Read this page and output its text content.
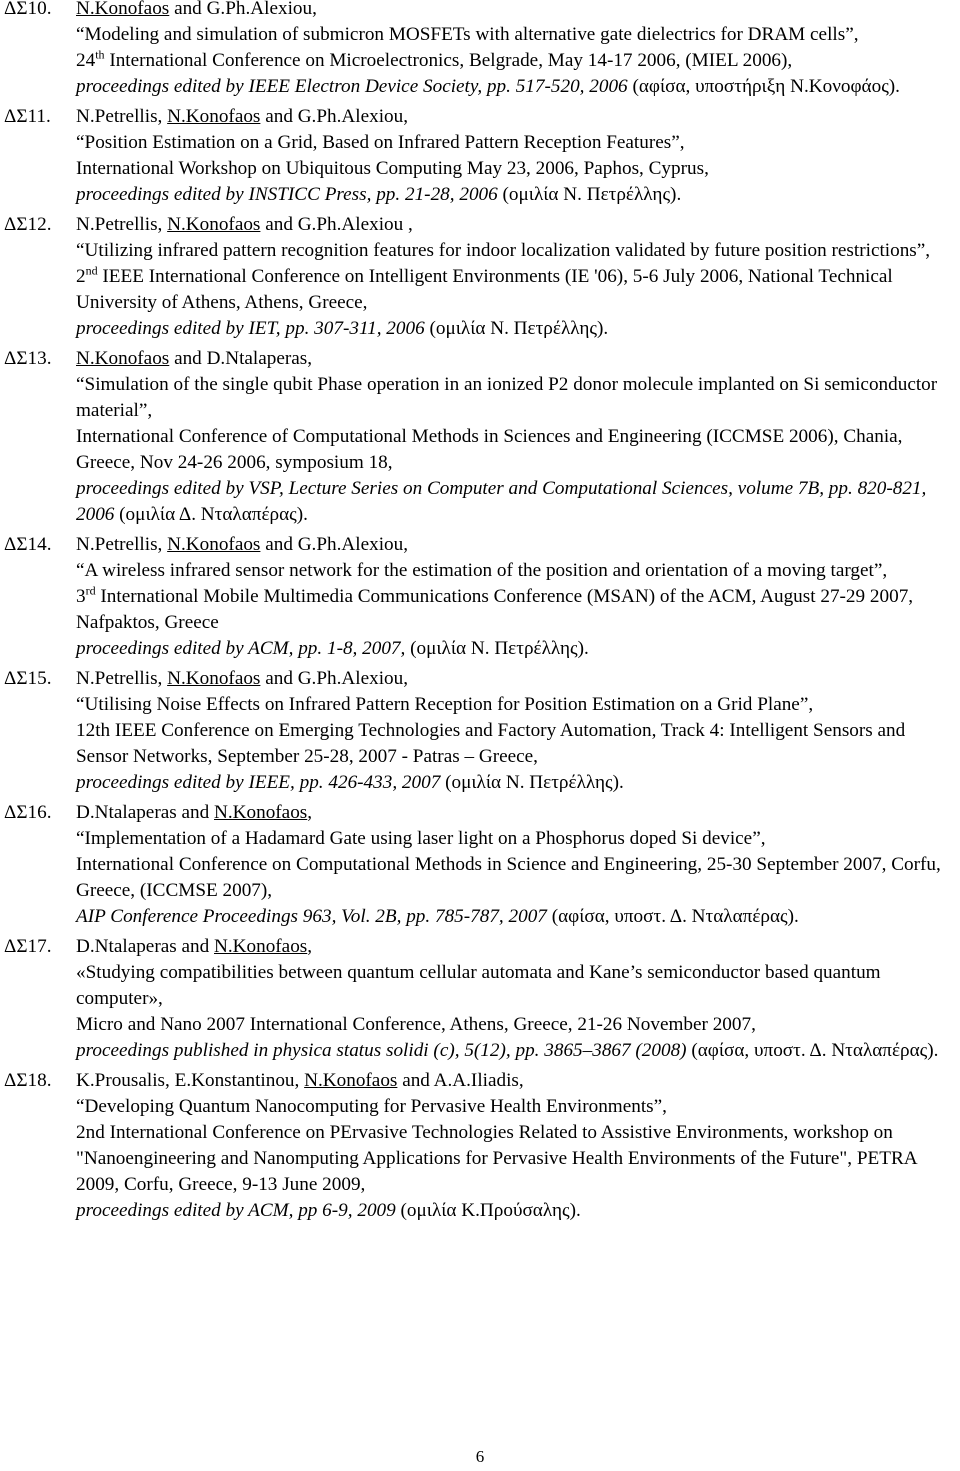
ΔΣ10.	N.Konofaos and G.Ph.Alexiou,
“Modeling and simulation of submicron MOSFETs with alternative gate dielectrics for DRAM cells”,
24th International Conference on Microelectronics, Belgrade, May 14-17 2006, (MIEL 2006),
proceedings edited by IEEE Electron Device Society, pp. 517-520, 2006 (αφίσα, υποστήριξη N.Κονοφάος).
ΔΣ11.	N.Petrellis, N.Konofaos and G.Ph.Alexiou,
“Position Estimation on a Grid, Based on Infrared Pattern Reception Features”,
International Workshop on Ubiquitous Computing May 23, 2006, Paphos, Cyprus,
proceedings edited by INSTICC Press, pp. 21-28, 2006 (ομιλία N. Πετρέλλης).
ΔΣ12.	N.Petrellis, N.Konofaos and G.Ph.Alexiou ,
“Utilizing infrared pattern recognition features for indoor localization validated by future position restrictions”,
2nd IEEE International Conference on Intelligent Environments (IE '06), 5-6 July 2006, National Technical University of Athens, Athens, Greece,
proceedings edited by IET, pp. 307-311, 2006 (ομιλία N. Πετρέλλης).
ΔΣ13.	N.Konofaos and D.Ntalaperas,
“Simulation of the single qubit Phase operation in an ionized P2 donor molecule implanted on Si semiconductor material”,
International Conference of Computational Methods in Sciences and Engineering (ICCMSE 2006), Chania, Greece, Nov 24-26 2006, symposium 18,
proceedings edited by VSP, Lecture Series on Computer and Computational Sciences, volume 7B, pp. 820-821, 2006 (ομιλία Δ. Νταλαπέρας).
ΔΣ14.	N.Petrellis, N.Konofaos and G.Ph.Alexiou,
“A wireless infrared sensor network for the estimation of the position and orientation of a moving target”,
3rd International Mobile Multimedia Communications Conference (MSAN) of the ACM, August 27-29 2007, Nafpaktos, Greece
proceedings edited by ACM, pp. 1-8, 2007, (ομιλία N. Πετρέλλης).
ΔΣ15.	N.Petrellis, N.Konofaos and G.Ph.Alexiou,
“Utilising Noise Effects on Infrared Pattern Reception for Position Estimation on a Grid Plane”,
12th IEEE Conference on Emerging Technologies and Factory Automation, Track 4: Intelligent Sensors and Sensor Networks, September 25-28, 2007 - Patras – Greece,
proceedings edited by IEEE, pp. 426-433, 2007 (ομιλία N. Πετρέλλης).
ΔΣ16.	D.Ntalaperas and N.Konofaos,
“Implementation of a Hadamard Gate using laser light on a Phosphorus doped Si device”,
International Conference on Computational Methods in Science and Engineering, 25-30 September 2007, Corfu, Greece, (ICCMSE 2007),
AIP Conference Proceedings 963, Vol. 2B, pp. 785-787, 2007 (αφίσα, υποστ. Δ. Νταλαπέρας).
ΔΣ17.	D.Ntalaperas and N.Konofaos,
«Studying compatibilities between quantum cellular automata and Kane’s semiconductor based quantum computer»,
Micro and Nano 2007 International Conference, Athens, Greece, 21-26 November 2007,
proceedings published in physica status solidi (c), 5(12), pp. 3865–3867 (2008) (αφίσα, υποστ. Δ. Νταλαπέρας).
ΔΣ18.	K.Prousalis, E.Konstantinou, N.Konofaos and A.A.Iliadis,
“Developing Quantum Nanocomputing for Pervasive Health Environments”,
2nd International Conference on PErvasive Technologies Related to Assistive Environments, workshop on "Nanoengineering and Nanomputing Applications for Pervasive Health Environments of the Future", PETRA 2009, Corfu, Greece, 9-13 June 2009,
proceedings edited by ACM, pp 6-9, 2009 (ομιλία K.Προύσαλης).
6
